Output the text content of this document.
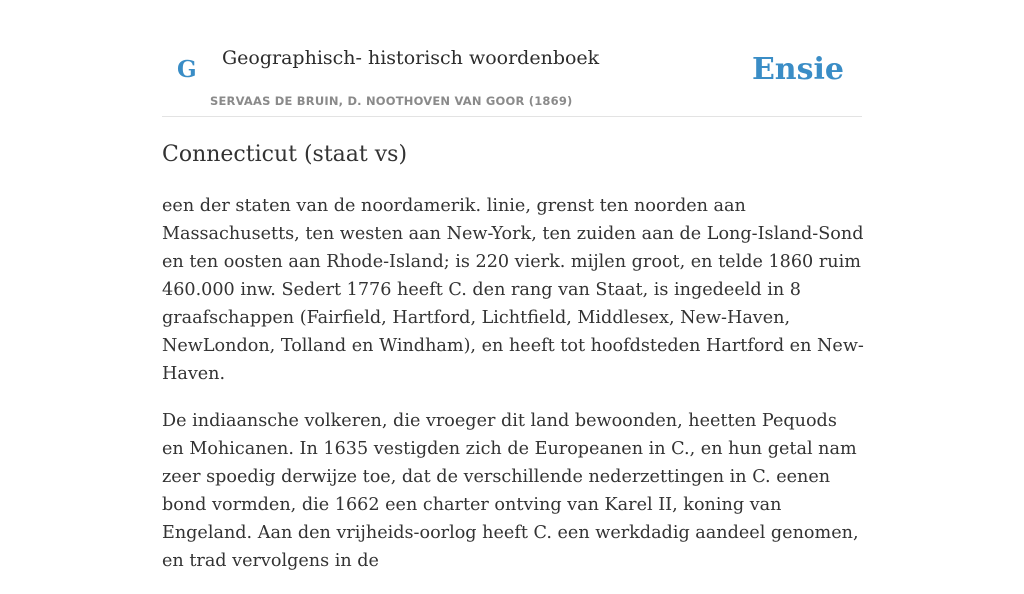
G Geographisch- historisch woordenboek
SERVAAS DE BRUIN, D. NOOTHOVEN VAN GOOR (1869)
Ensie
Connecticut (staat vs)

een der staten van de noordamerik. linie, grenst ten noorden aan Massachusetts, ten westen aan New-York, ten zuiden aan de Long-Island-Sond en ten oosten aan Rhode-Island; is 220 vierk. mijlen groot, en telde 1860 ruim 460.000 inw. Sedert 1776 heeft C. den rang van Staat, is ingedeeld in 8 graafschappen (Fairfield, Hartford, Lichtfield, Middlesex, New-Haven, NewLondon, Tolland en Windham), en heeft tot hoofdsteden Hartford en New-Haven.

De indiaansche volkeren, die vroeger dit land bewoonden, heetten Pequods en Mohicanen. In 1635 vestigden zich de Europeanen in C., en hun getal nam zeer spoedig derwijze toe, dat de verschillende nederzettingen in C. eenen bond vormden, die 1662 een charter ontving van Karel II, koning van Engeland. Aan den vrijheids-oorlog heeft C. een werkdadig aandeel genomen, en trad vervolgens in de
